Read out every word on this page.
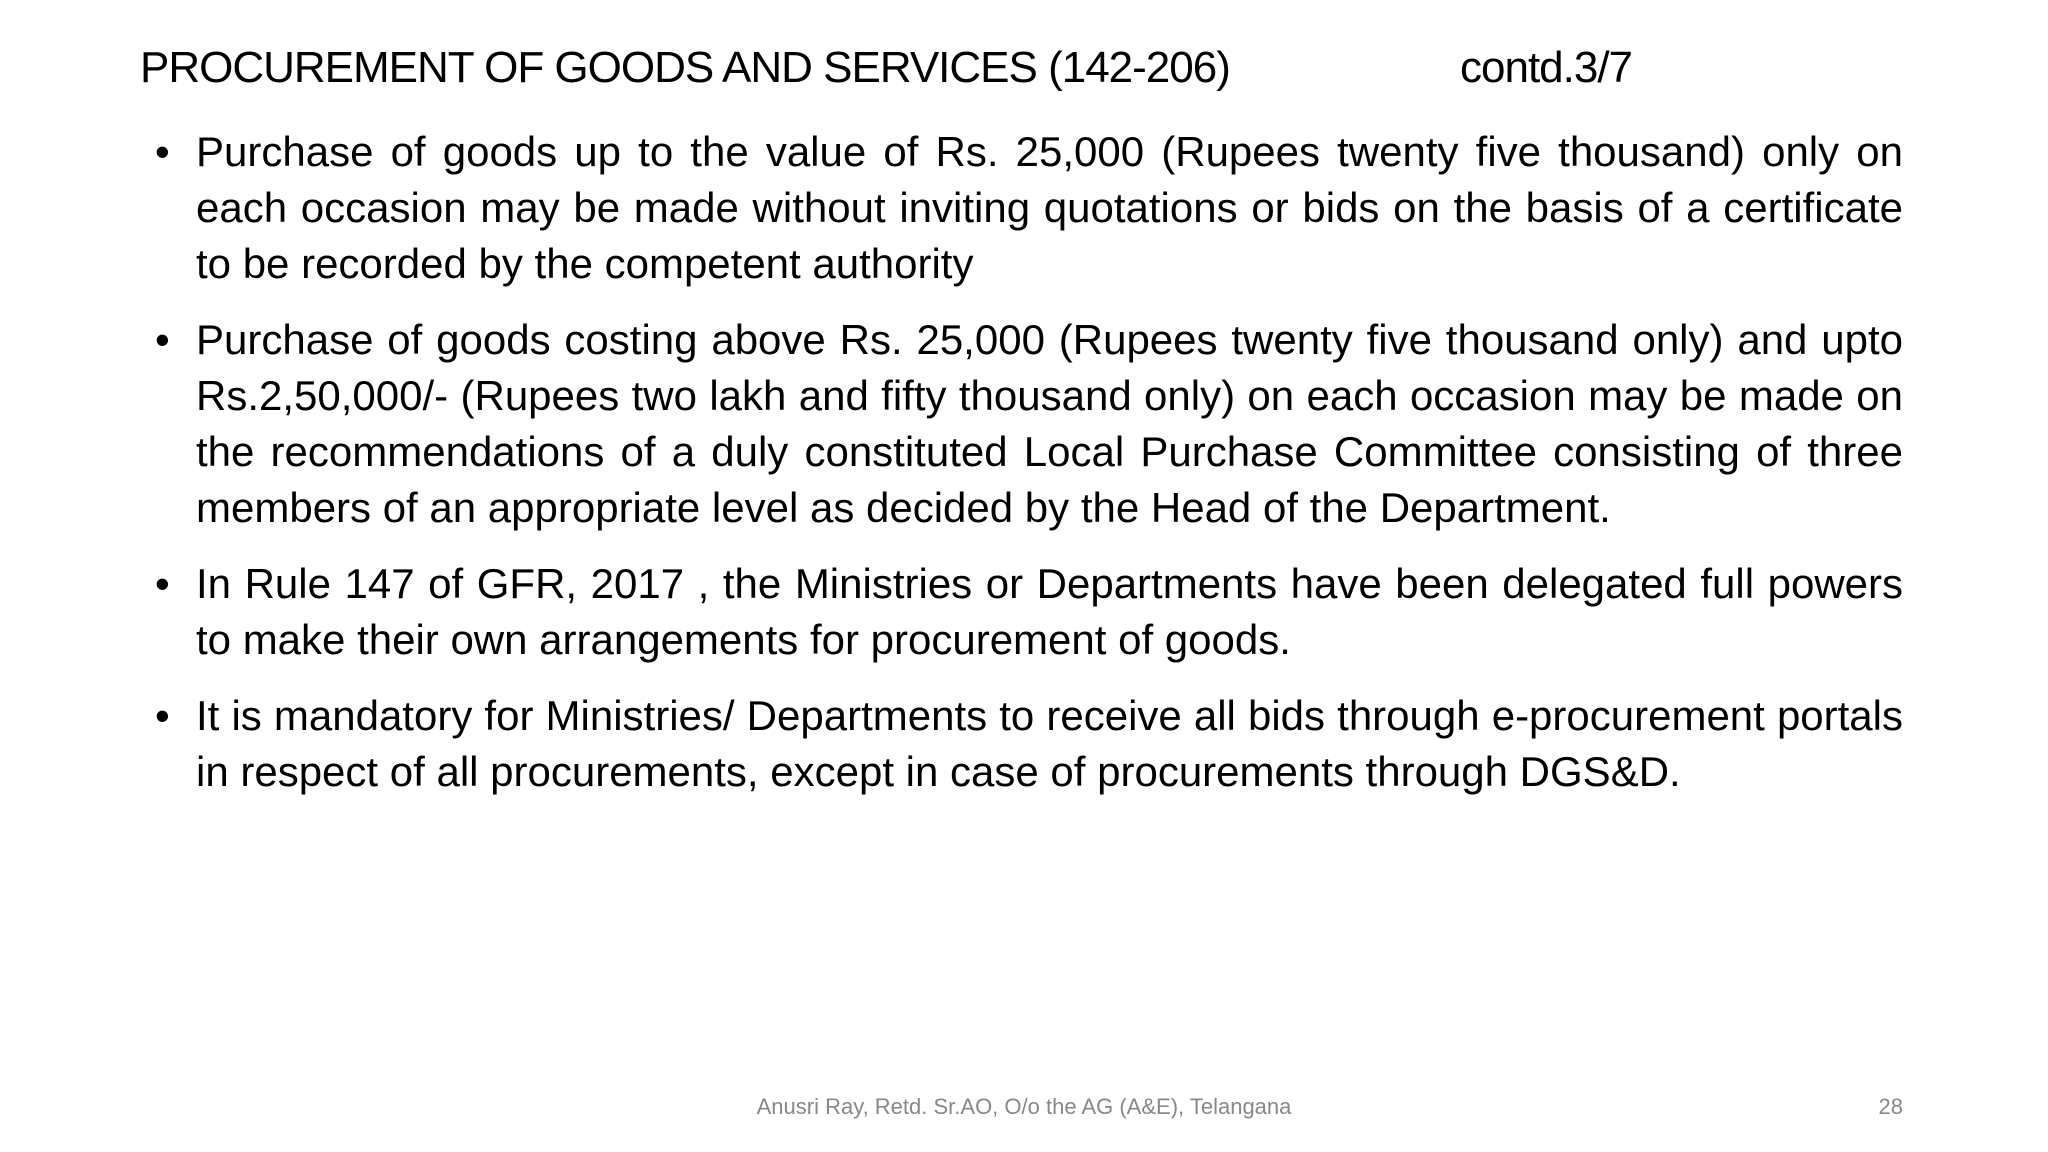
PROCUREMENT OF GOODS AND SERVICES (142-206)	contd.3/7
• Purchase of goods up to the value of Rs. 25,000 (Rupees twenty five thousand) only on each occasion may be made without inviting quotations or bids on the basis of a certificate to be recorded by the competent authority
• Purchase of goods costing above Rs. 25,000 (Rupees twenty five thousand only) and upto Rs.2,50,000/- (Rupees two lakh and fifty thousand only) on each occasion may be made on the recommendations of a duly constituted Local Purchase Committee consisting of three members of an appropriate level as decided by the Head of the Department.
• In Rule 147 of GFR, 2017 , the Ministries or Departments have been delegated full powers to make their own arrangements for procurement of goods.
• It is mandatory for Ministries/ Departments to receive all bids through e-procurement portals in respect of all procurements, except in case of procurements through DGS&D.
Anusri Ray, Retd. Sr.AO, O/o the AG (A&E), Telangana	28
